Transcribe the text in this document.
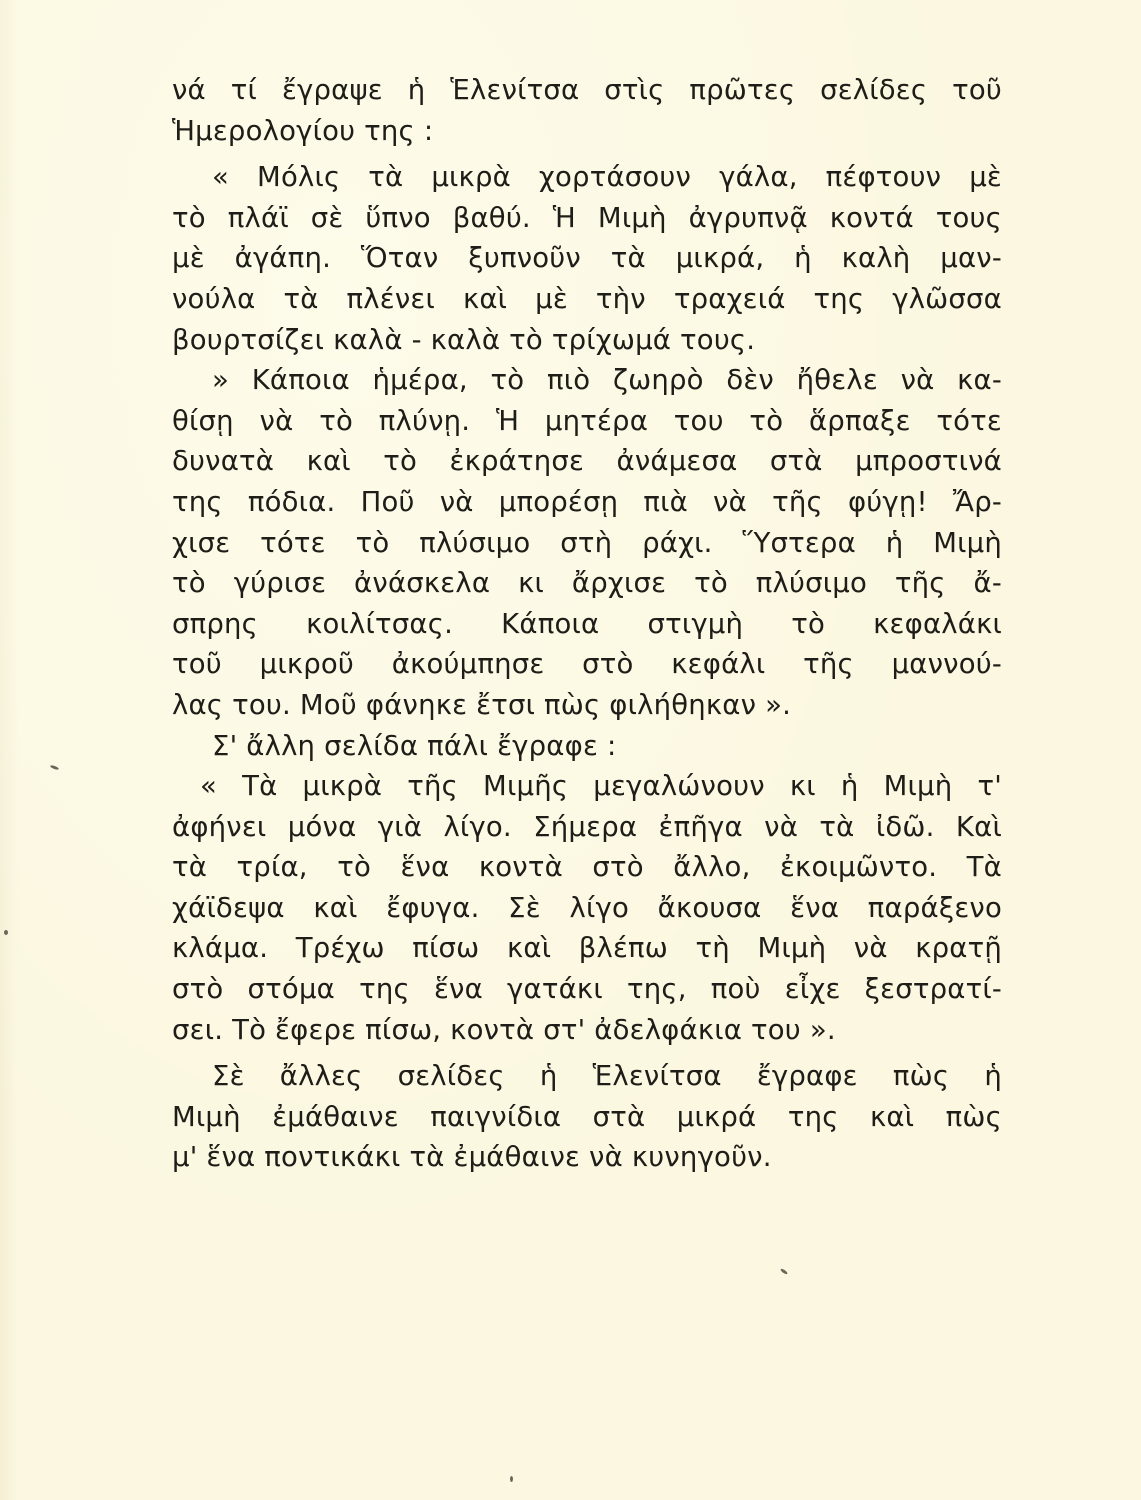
νά τί ἔγραψε ἡ Ἑλενίτσα στὶς πρῶτες σελίδες τοῦ
Ἡμερολογίου της :
« Μόλις τὰ μικρὰ χορτάσουν γάλα, πέφτουν μὲ
τὸ πλάϊ σὲ ὕπνο βαθύ. Ἡ Μιμὴ ἀγρυπνᾷ κοντά τους
μὲ ἀγάπη. Ὅταν ξυπνοῦν τὰ μικρά, ἡ καλὴ μαν-
νούλα τὰ πλένει καὶ μὲ τὴν τραχειά της γλῶσσα
βουρτσίζει καλὰ - καλὰ τὸ τρίχωμά τους.
» Κάποια ἡμέρα, τὸ πιὸ ζωηρὸ δὲν ἤθελε νὰ κα-
θίσῃ νὰ τὸ πλύνῃ. Ἡ μητέρα του τὸ ἅρπαξε τότε
δυνατὰ καὶ τὸ ἐκράτησε ἀνάμεσα στὰ μπροστινά
της πόδια. Ποῦ νὰ μπορέσῃ πιὰ νὰ τῆς φύγῃ! Ἄρ-
χισε τότε τὸ πλύσιμο στὴ ράχι. Ὕστερα ἡ Μιμὴ
τὸ γύρισε ἀνάσκελα κι ἄρχισε τὸ πλύσιμο τῆς ἄ-
σπρης κοιλίτσας. Κάποια στιγμὴ τὸ κεφαλάκι
τοῦ μικροῦ ἀκούμπησε στὸ κεφάλι τῆς μαννού-
λας του. Μοῦ φάνηκε ἔτσι πὼς φιλήθηκαν ».
Σ' ἄλλη σελίδα πάλι ἔγραφε :
« Τὰ μικρὰ τῆς Μιμῆς μεγαλώνουν κι ἡ Μιμὴ τ'
ἀφήνει μόνα γιὰ λίγο. Σήμερα ἐπῆγα νὰ τὰ ἰδῶ. Καὶ
τὰ τρία, τὸ ἕνα κοντὰ στὸ ἄλλο, ἐκοιμῶντο. Τὰ
χάϊδεψα καὶ ἔφυγα. Σὲ λίγο ἄκουσα ἕνα παράξενο
κλάμα. Τρέχω πίσω καὶ βλέπω τὴ Μιμὴ νὰ κρατῇ
στὸ στόμα της ἕνα γατάκι της, ποὺ εἶχε ξεστρατί-
σει. Τὸ ἔφερε πίσω, κοντὰ στ' ἀδελφάκια του ».
Σὲ ἄλλες σελίδες ἡ Ἑλενίτσα ἔγραφε πὼς ἡ
Μιμὴ ἐμάθαινε παιγνίδια στὰ μικρά της καὶ πὼς
μ' ἕνα ποντικάκι τὰ ἐμάθαινε νὰ κυνηγοῦν.
